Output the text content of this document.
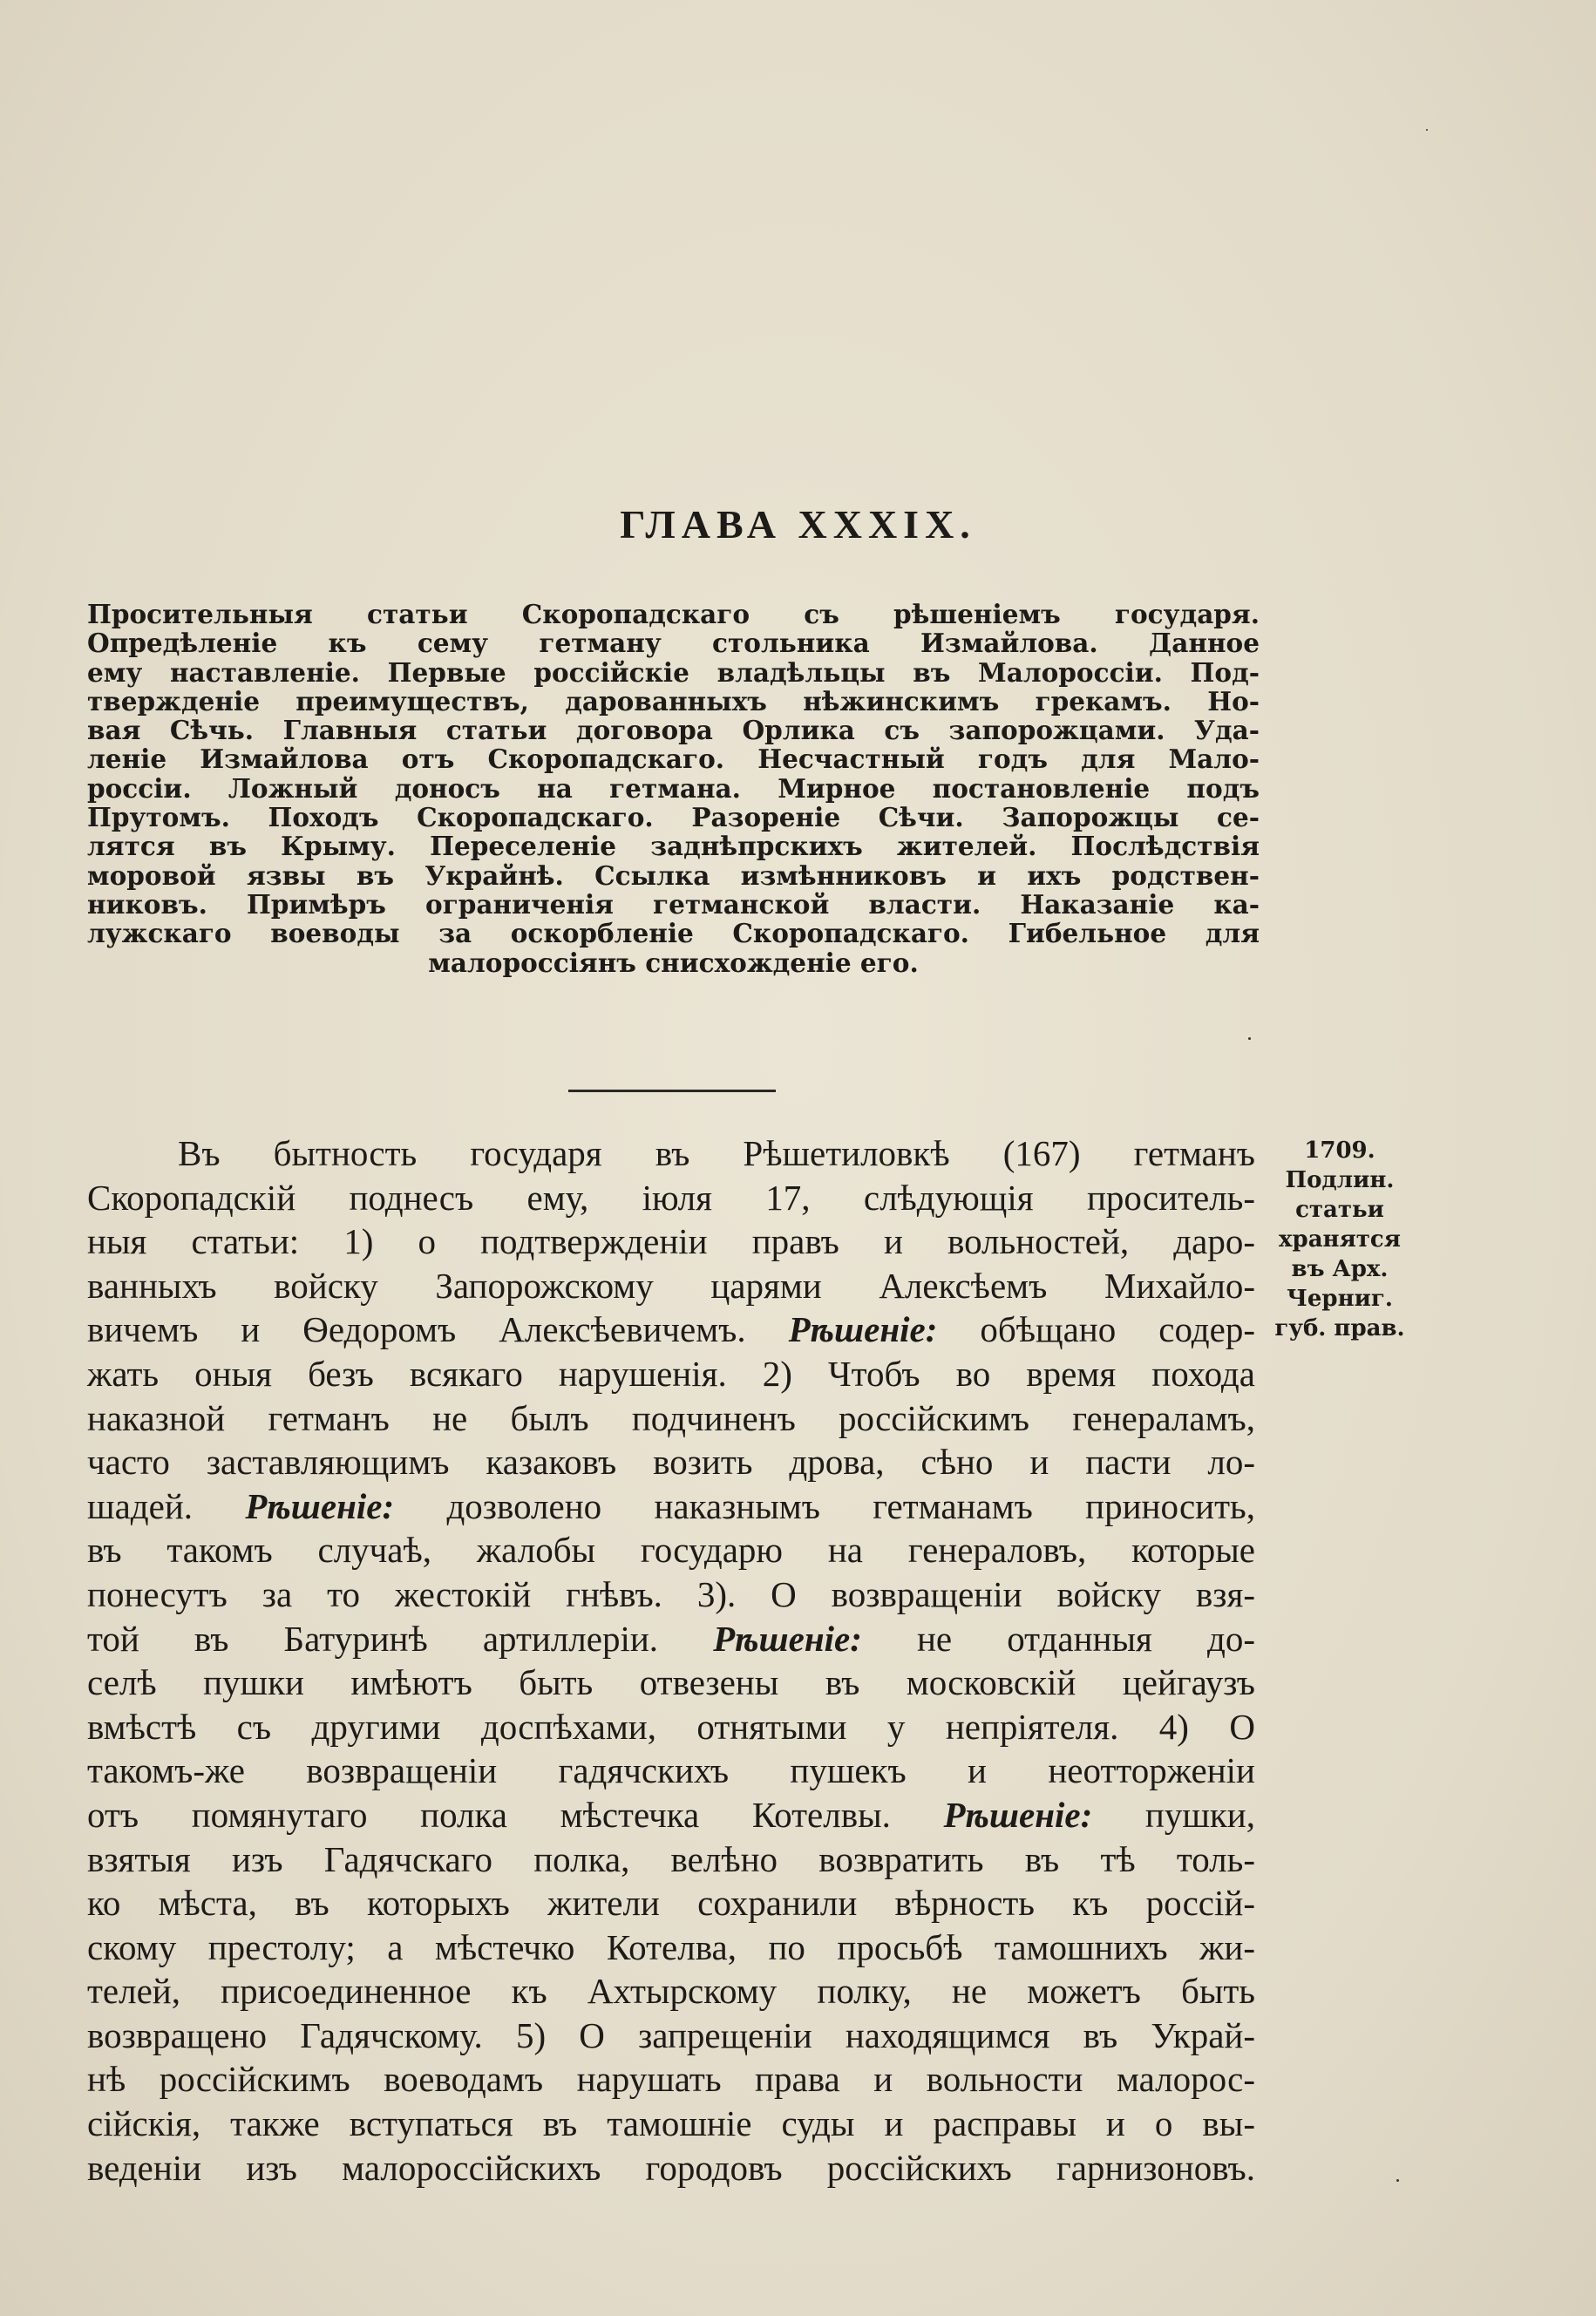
ГЛАВА XXXIX.

Просительныя статьи Скоропадскаго съ рѣшеніемъ государя.
Опредѣленіе къ сему гетману стольника Измайлова. Данное
ему наставленіе. Первые россійскіе владѣльцы въ Малороссіи. Под-
твержденіе преимуществъ, дарованныхъ нѣжинскимъ грекамъ. Но-
вая Сѣчь. Главныя статьи договора Орлика съ запорожцами. Уда-
леніе Измайлова отъ Скоропадскаго. Несчастный годъ для Мало-
россіи. Ложный доносъ на гетмана. Мирное постановленіе подъ
Прутомъ. Походъ Скоропадскаго. Разореніе Сѣчи. Запорожцы се-
лятся въ Крыму. Переселеніе заднѣпрскихъ жителей. Послѣдствія
моровой язвы въ Украйнѣ. Ссылка измѣнниковъ и ихъ родствен-
никовъ. Примѣръ ограниченія гетманской власти. Наказаніе ка-
лужскаго воеводы за оскорбленіе Скоропадскаго. Гибельное для
малороссіянъ снисхожденіе его.

Въ бытность государя въ Рѣшетиловкѣ (167) гетманъ
Скоропадскій поднесъ ему, іюля 17, слѣдующія проситель-
ныя статьи: 1) о подтвержденіи правъ и вольностей, даро-
ванныхъ войску Запорожскому царями Алексѣемъ Михайло-
вичемъ и Ѳедоромъ Алексѣевичемъ. Рѣшеніе: обѣщано содер-
жать оныя безъ всякаго нарушенія. 2) Чтобъ во время похода
наказной гетманъ не былъ подчиненъ россійскимъ генераламъ,
часто заставляющимъ казаковъ возить дрова, сѣно и пасти ло-
шадей. Рѣшеніе: дозволено наказнымъ гетманамъ приносить,
въ такомъ случаѣ, жалобы государю на генераловъ, которые
понесутъ за то жестокій гнѣвъ. 3). О возвращеніи войску взя-
той въ Батуринѣ артиллеріи. Рѣшеніе: не отданныя до-
селѣ пушки имѣютъ быть отвезены въ московскій цейгаузъ
вмѣстѣ съ другими доспѣхами, отнятыми у непріятеля. 4) О
такомъ-же возвращеніи гадячскихъ пушекъ и неотторженіи
отъ помянутаго полка мѣстечка Котелвы. Рѣшеніе: пушки,
взятыя изъ Гадячскаго полка, велѣно возвратить въ тѣ толь-
ко мѣста, въ которыхъ жители сохранили вѣрность къ россій-
скому престолу; а мѣстечко Котелва, по просьбѣ тамошнихъ жи-
телей, присоединенное къ Ахтырскому полку, не можетъ быть
возвращено Гадячскому. 5) О запрещеніи находящимся въ Украй-
нѣ россійскимъ воеводамъ нарушать права и вольности малорос-
сійскія, также вступаться въ тамошніе суды и расправы и о вы-
веденіи изъ малороссійскихъ городовъ россійскихъ гарнизоновъ.

1709.
Подлин.
статьи
хранятся
въ Арх.
Черниг.
губ. прав.
